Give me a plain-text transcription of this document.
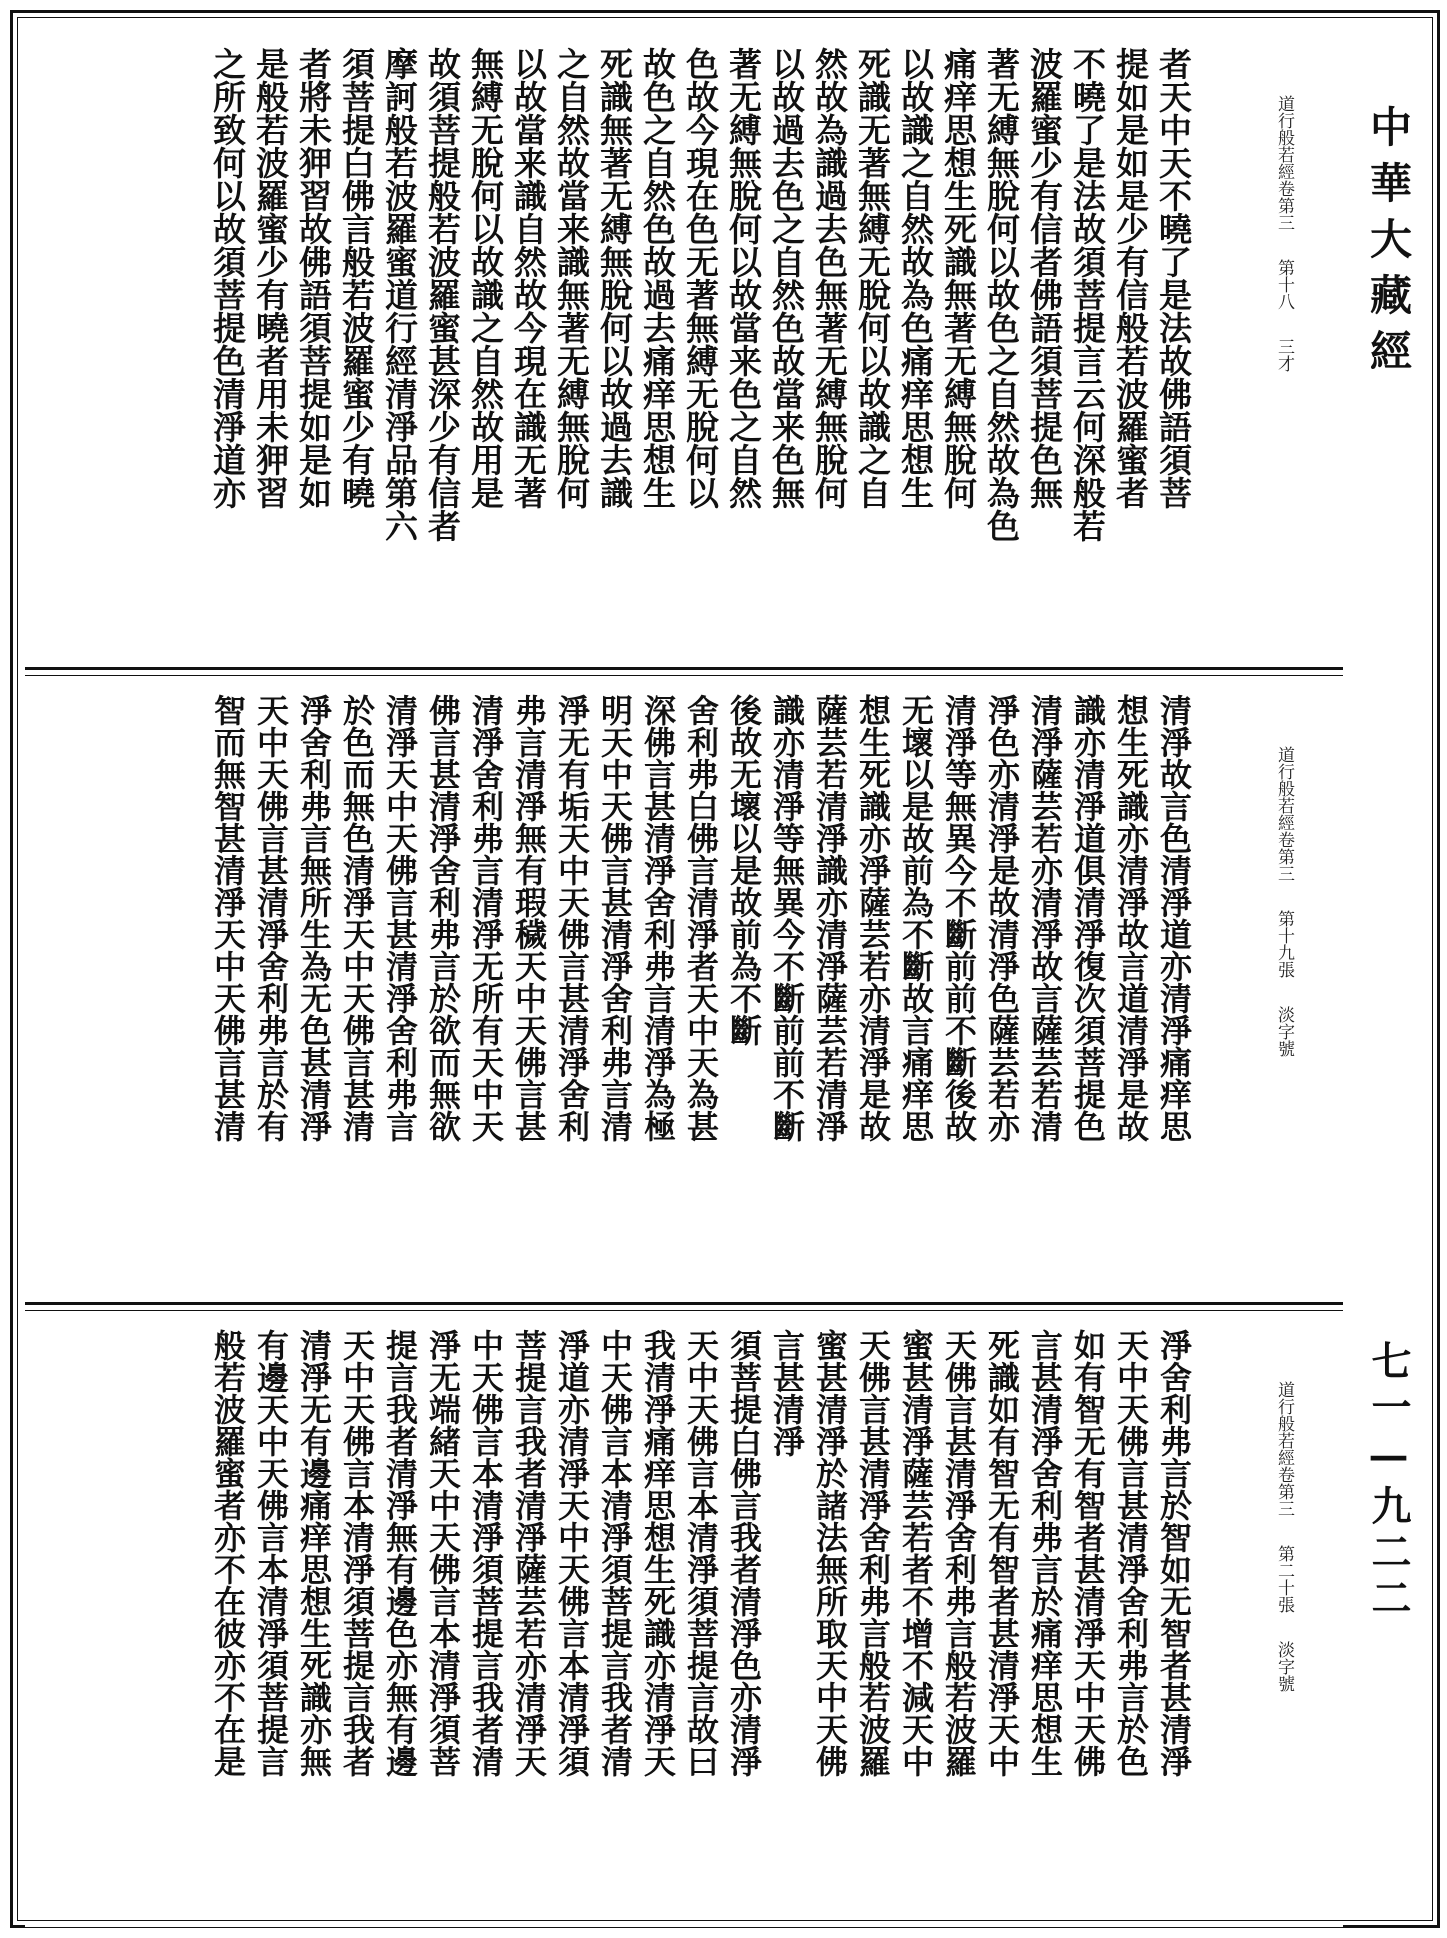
道行般若經卷第三第十八三才
者天中天不曉了是法故佛語須菩
提如是如是少有信般若波羅蜜者
不曉了是法故須菩提言云何深般若
波羅蜜少有信者佛語須菩提色無
著无縛無脫何以故色之自然故為色
痛痒思想生死識無著无縛無脫何
以故識之自然故為色痛痒思想生
死識无著無縛无脫何以故識之自
然故為識過去色無著无縛無脫何
以故過去色之自然色故當来色無
著无縛無脫何以故當来色之自然
色故今現在色无著無縛无脫何以
故色之自然色故過去痛痒思想生
死識無著无縛無脫何以故過去識
之自然故當来識無著无縛無脫何
以故當来識自然故今現在識无著
無縛无脫何以故識之自然故用是
故須菩提般若波羅蜜甚深少有信者
摩訶般若波羅蜜道行經清淨品第六
須菩提白佛言般若波羅蜜少有曉
者將未狎習故佛語須菩提如是如
是般若波羅蜜少有曉者用未狎習
之所致何以故須菩提色清淨道亦
道行般若經卷第三第十九張淡字號
清淨故言色清淨道亦清淨痛痒思
想生死識亦清淨故言道清淨是故
識亦清淨道俱清淨復次須菩提色
清淨薩芸若亦清淨故言薩芸若清
淨色亦清淨是故清淨色薩芸若亦
清淨等無異今不斷前前不斷後故
无壞以是故前為不斷故言痛痒思
想生死識亦淨薩芸若亦清淨是故
薩芸若清淨識亦清淨薩芸若清淨
識亦清淨等無異今不斷前前不斷
後故无壞以是故前為不斷
舍利弗白佛言清淨者天中天為甚
深佛言甚清淨舍利弗言清淨為極
明天中天佛言甚清淨舍利弗言清
淨无有垢天中天佛言甚清淨舍利
弗言清淨無有瑕穢天中天佛言甚
清淨舍利弗言清淨无所有天中天
佛言甚清淨舍利弗言於欲而無欲
清淨天中天佛言甚清淨舍利弗言
於色而無色清淨天中天佛言甚清
淨舍利弗言無所生為无色甚清淨
天中天佛言甚清淨舍利弗言於有
智而無智甚清淨天中天佛言甚清
道行般若經卷第三第二十張淡字號
淨舍利弗言於智如无智者甚清淨
天中天佛言甚清淨舍利弗言於色
如有智无有智者甚清淨天中天佛
言甚清淨舍利弗言於痛痒思想生
死識如有智无有智者甚清淨天中
天佛言甚清淨舍利弗言般若波羅
蜜甚清淨薩芸若者不增不減天中
天佛言甚清淨舍利弗言般若波羅
蜜甚清淨於諸法無所取天中天佛
言甚清淨
須菩提白佛言我者清淨色亦清淨
天中天佛言本清淨須菩提言故曰
我清淨痛痒思想生死識亦清淨天
中天佛言本清淨須菩提言我者清
淨道亦清淨天中天佛言本清淨須
菩提言我者清淨薩芸若亦清淨天
中天佛言本清淨須菩提言我者清
淨无端緒天中天佛言本清淨須菩
提言我者清淨無有邊色亦無有邊
天中天佛言本清淨須菩提言我者
清淨无有邊痛痒思想生死識亦無
有邊天中天佛言本清淨須菩提言
般若波羅蜜者亦不在彼亦不在是
中華大藏經
七一—九二二
